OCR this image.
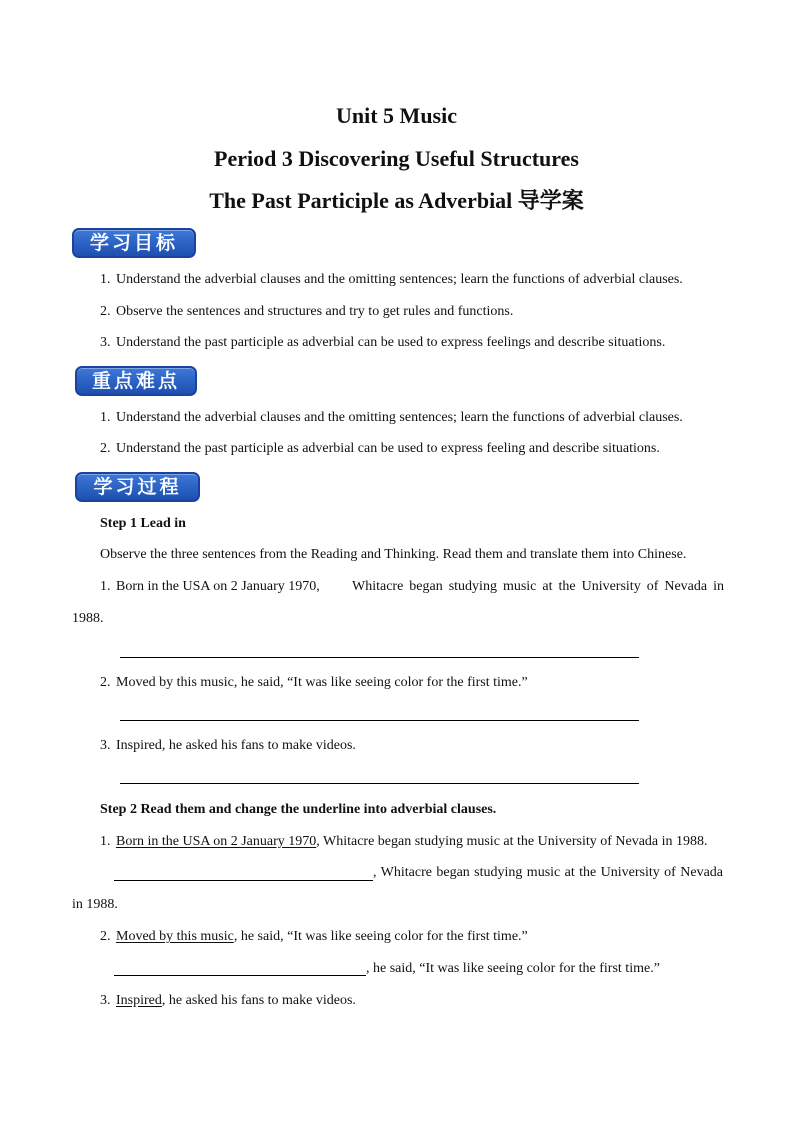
Unit 5 Music
Period 3 Discovering Useful Structures
The Past Participle as Adverbial 导学案
学习目标
1. Understand the adverbial clauses and the omitting sentences; learn the functions of adverbial clauses.
2. Observe the sentences and structures and try to get rules and functions.
3. Understand the past participle as adverbial can be used to express feelings and describe situations.
重点难点
1. Understand the adverbial clauses and the omitting sentences; learn the functions of adverbial clauses.
2. Understand the past participle as adverbial can be used to express feeling and describe situations.
学习过程
Step 1 Lead in
Observe the three sentences from the Reading and Thinking. Read them and translate them into Chinese.
1. Born in the USA on 2 January 1970, Whitacre began studying music at the University of Nevada in
1988.
2. Moved by this music, he said, “It was like seeing color for the first time.”
3. Inspired, he asked his fans to make videos.
Step 2 Read them and change the underline into adverbial clauses.
1. Born in the USA on 2 January 1970, Whitacre began studying music at the University of Nevada in 1988.
, Whitacre began studying music at the University of Nevada
in 1988.
2. Moved by this music, he said, “It was like seeing color for the first time.”
, he said, “It was like seeing color for the first time.”
3. Inspired, he asked his fans to make videos.
